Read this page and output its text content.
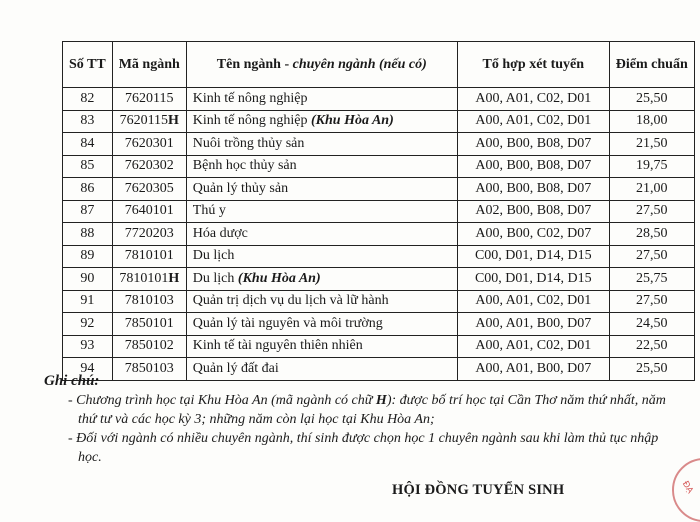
Số TT	Mã ngành	Tên ngành - chuyên ngành (nếu có)	Tổ hợp xét tuyển	Điểm chuẩn
82	7620115	Kinh tế nông nghiệp	A00, A01, C02, D01	25,50
83	7620115H	Kinh tế nông nghiệp (Khu Hòa An)	A00, A01, C02, D01	18,00
84	7620301	Nuôi trồng thủy sản	A00, B00, B08, D07	21,50
85	7620302	Bệnh học thủy sản	A00, B00, B08, D07	19,75
86	7620305	Quản lý thủy sản	A00, B00, B08, D07	21,00
87	7640101	Thú y	A02, B00, B08, D07	27,50
88	7720203	Hóa dược	A00, B00, C02, D07	28,50
89	7810101	Du lịch	C00, D01, D14, D15	27,50
90	7810101H	Du lịch (Khu Hòa An)	C00, D01, D14, D15	25,75
91	7810103	Quản trị dịch vụ du lịch và lữ hành	A00, A01, C02, D01	27,50
92	7850101	Quản lý tài nguyên và môi trường	A00, A01, B00, D07	24,50
93	7850102	Kinh tế tài nguyên thiên nhiên	A00, A01, C02, D01	22,50
94	7850103	Quản lý đất đai	A00, A01, B00, D07	25,50
Ghi chú:
- Chương trình học tại Khu Hòa An (mã ngành có chữ H): được bố trí học tại Cần Thơ năm thứ nhất, năm thứ tư và các học kỳ 3; những năm còn lại học tại Khu Hòa An;
- Đối với ngành có nhiều chuyên ngành, thí sinh được chọn học 1 chuyên ngành sau khi làm thủ tục nhập học.
HỘI ĐỒNG TUYỂN SINH	ĐẠ
